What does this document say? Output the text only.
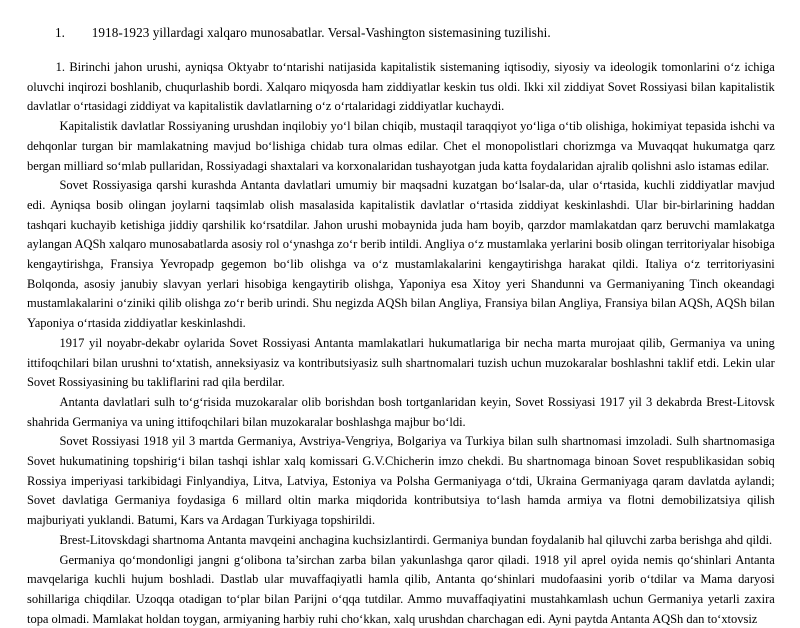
1.        1918-1923 yillardagi xalqaro munosabatlar. Versal-Vashington sistemasining tuzilishi.

1. Birinchi jahon urushi, ayniqsa Oktyabr to‘ntarishi natijasida kapitalistik sistemaning iqtisodiy, siyosiy va ideologik tomonlarini o‘z ichiga oluvchi inqirozi boshlanib, chuqurlashib bordi. Xalqaro miqyosda ham ziddiyatlar keskin tus oldi. Ikki xil ziddiyat Sovet Rossiyasi bilan kapitalistik davlatlar o‘rtasidagi ziddiyat va kapitalistik davlatlarning o‘z o‘rtalaridagi ziddiyatlar kuchaydi.

Kapitalistik davlatlar Rossiyaning urushdan inqilobiy yo‘l bilan chiqib, mustaqil taraqqiyot yo‘liga o‘tib olishiga, hokimiyat tepasida ishchi va dehqonlar turgan bir mamlakatning mavjud bo‘lishiga chidab tura olmas edilar. Chet el monopolistlari chorizmga va Muvaqqat hukumatga qarz bergan milliard so‘mlab pullaridan, Rossiyadagi shaxtalari va korxonalaridan tushayotgan juda katta foydalaridan ajralib qolishni aslo istamas edilar.

Sovet Rossiyasiga qarshi kurashda Antanta davlatlari umumiy bir maqsadni kuzatgan bo‘lsalar-da, ular o‘rtasida, kuchli ziddiyatlar mavjud edi. Ayniqsa bosib olingan joylarni taqsimlab olish masalasida kapitalistik davlatlar o‘rtasida ziddiyat keskinlashdi. Ular bir-birlarining haddan tashqari kuchayib ketishiga jiddiy qarshilik ko‘rsatdilar. Jahon urushi mobaynida juda ham boyib, qarzdor mamlakatdan qarz beruvchi mamlakatga aylangan AQSh xalqaro munosabatlarda asosiy rol o‘ynashga zo‘r berib intildi. Angliya o‘z mustamlaka yerlarini bosib olingan territoriyalar hisobiga kengaytirishga, Fransiya Yevropadp gegemon bo‘lib olishga va o‘z mustamlakalarini kengaytirishga harakat qildi. Italiya o‘z territoriyasini Bolqonda, asosiy janubiy slavyan yerlari hisobiga kengaytirib olishga, Yaponiya esa Xitoy yeri Shandunni va Germaniyaning Tinch okeandagi mustamlakalarini o‘ziniki qilib olishga zo‘r berib urindi. Shu negizda AQSh bilan Angliya, Fransiya bilan Angliya, Fransiya bilan AQSh, AQSh bilan Yaponiya o‘rtasida ziddiyatlar keskinlashdi.

1917 yil noyabr-dekabr oylarida Sovet Rossiyasi Antanta mamlakatlari hukumatlariga bir necha marta murojaat qilib, Germaniya va uning ittifoqchilari bilan urushni to‘xtatish, anneksiyasiz va kontributsiyasiz sulh shartnomalari tuzish uchun muzokaralar boshlashni taklif etdi. Lekin ular Sovet Rossiyasining bu takliflarini rad qila berdilar.

Antanta davlatlari sulh to‘g‘risida muzokaralar olib borishdan bosh tortganlaridan keyin, Sovet Rossiyasi 1917 yil 3 dekabrda Brest-Litovsk shahrida Germaniya va uning ittifoqchilari bilan muzokaralar boshlashga majbur bo‘ldi.

Sovet Rossiyasi 1918 yil 3 martda Germaniya, Avstriya-Vengriya, Bolgariya va Turkiya bilan sulh shartnomasi imzoladi. Sulh shartnomasiga Sovet hukumatining topshirig‘i bilan tashqi ishlar xalq komissari G.V.Chicherin imzo chekdi. Bu shartnomaga binoan Sovet respublikasidan sobiq Rossiya imperiyasi tarkibidagi Finlyandiya, Litva, Latviya, Estoniya va Polsha Germaniyaga o‘tdi, Ukraina Germaniyaga qaram davlatda aylandi; Sovet davlatiga Germaniya foydasiga 6 millard oltin marka miqdorida kontributsiya to‘lash hamda armiya va flotni demobilizatsiya qilish majburiyati yuklandi. Batumi, Kars va Ardagan Turkiyaga topshirildi.

Brest-Litovskdagi shartnoma Antanta mavqeini anchagina kuchsizlantirdi. Germaniya bundan foydalanib hal qiluvchi zarba berishga ahd qildi.

Germaniya qo‘mondonligi jangni g‘olibona ta’sirchan zarba bilan yakunlashga qaror qiladi. 1918 yil aprel oyida nemis qo‘shinlari Antanta mavqelariga kuchli hujum boshladi. Dastlab ular muvaffaqiyatli hamla qilib, Antanta qo‘shinlari mudofaasini yorib o‘tdilar va Mama daryosi sohillariga chiqdilar. Uzoqqa otadigan to‘plar bilan Parijni o‘qqa tutdilar. Ammo muvaffaqiyatini mustahkamlash uchun Germaniya yetarli zaxira topa olmadi. Mamlakat holdan toygan, armiyaning harbiy ruhi cho‘kkan, xalq urushdan charchagan edi. Ayni paytda Antanta AQSh dan to‘xtovsiz
